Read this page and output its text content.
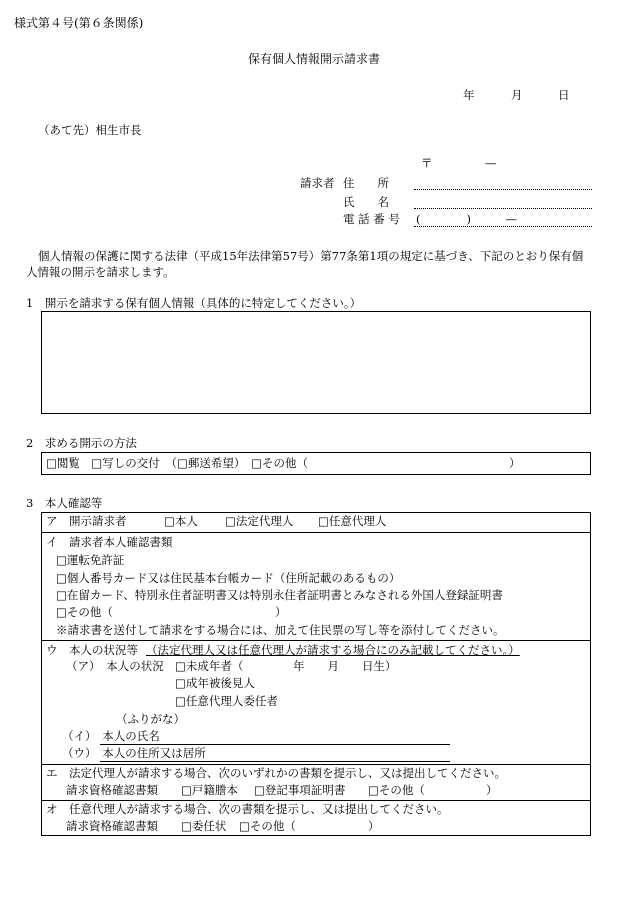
様式第４号(第６条関係)
保有個人情報開示請求書
年	月	日
（あて先）相生市長
〒	—
請求者 住　　所
氏　　名
電 話 番 号 (　　　　)　　　—
個人情報の保護に関する法律（平成15年法律第57号）第77条第1項の規定に基づき、下記のとおり保有個
人情報の開示を請求します。
1　開示を請求する保有個人情報（具体的に特定してください。）
2　求める開示の方法
□閲覧　□写しの交付　（□郵送希望）　□その他（	）
3　本人確認等
ア　開示請求者	□本人 □法定代理人 □任意代理人
イ　請求者本人確認書類
□運転免許証
□個人番号カード又は住民基本台帳カード（住所記載のあるもの）
□在留カード、特別永住者証明書又は特別永住者証明書とみなされる外国人登録証明書
□その他（	）
※請求書を送付して請求をする場合には、加えて住民票の写し等を添付してください。
ウ　本人の状況等 （法定代理人又は任意代理人が請求する場合にのみ記載してください。）
（ア）　本人の状況 □未成年者（	年　　月　　日生）
□成年被後見人
□任意代理人委任者
（ふりがな）
（イ）　本人の氏名
（ウ）　本人の住所又は居所
エ　法定代理人が請求する場合、次のいずれかの書類を提示し、又は提出してください。
請求資格確認書類 □戸籍謄本 □登記事項証明書 □その他（	）
オ　任意代理人が請求する場合、次の書類を提示し、又は提出してください。
請求資格確認書類 □委任状 □その他（	）
